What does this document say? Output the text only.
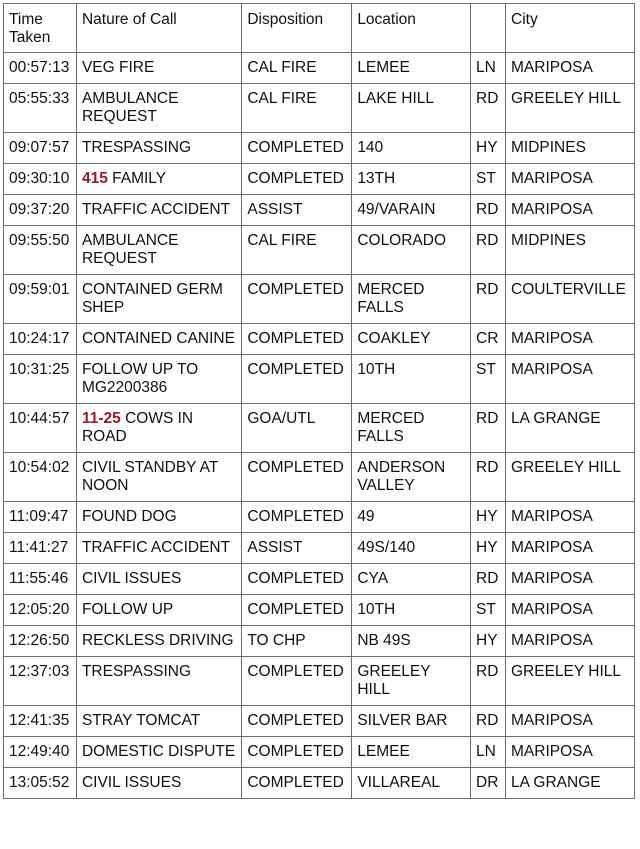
Time Taken	Nature of Call	Disposition	Location		City
00:57:13	VEG FIRE	CAL FIRE	LEMEE	LN	MARIPOSA
05:55:33	AMBULANCE REQUEST	CAL FIRE	LAKE HILL	RD	GREELEY HILL
09:07:57	TRESPASSING	COMPLETED	140	HY	MIDPINES
09:30:10	415 FAMILY	COMPLETED	13TH	ST	MARIPOSA
09:37:20	TRAFFIC ACCIDENT	ASSIST	49/VARAIN	RD	MARIPOSA
09:55:50	AMBULANCE REQUEST	CAL FIRE	COLORADO	RD	MIDPINES
09:59:01	CONTAINED GERM SHEP	COMPLETED	MERCED FALLS	RD	COULTERVILLE
10:24:17	CONTAINED CANINE	COMPLETED	COAKLEY	CR	MARIPOSA
10:31:25	FOLLOW UP TO MG2200386	COMPLETED	10TH	ST	MARIPOSA
10:44:57	11-25 COWS IN ROAD	GOA/UTL	MERCED FALLS	RD	LA GRANGE
10:54:02	CIVIL STANDBY AT NOON	COMPLETED	ANDERSON VALLEY	RD	GREELEY HILL
11:09:47	FOUND DOG	COMPLETED	49	HY	MARIPOSA
11:41:27	TRAFFIC ACCIDENT	ASSIST	49S/140	HY	MARIPOSA
11:55:46	CIVIL ISSUES	COMPLETED	CYA	RD	MARIPOSA
12:05:20	FOLLOW UP	COMPLETED	10TH	ST	MARIPOSA
12:26:50	RECKLESS DRIVING	TO CHP	NB 49S	HY	MARIPOSA
12:37:03	TRESPASSING	COMPLETED	GREELEY HILL	RD	GREELEY HILL
12:41:35	STRAY TOMCAT	COMPLETED	SILVER BAR	RD	MARIPOSA
12:49:40	DOMESTIC DISPUTE	COMPLETED	LEMEE	LN	MARIPOSA
13:05:52	CIVIL ISSUES	COMPLETED	VILLAREAL	DR	LA GRANGE
